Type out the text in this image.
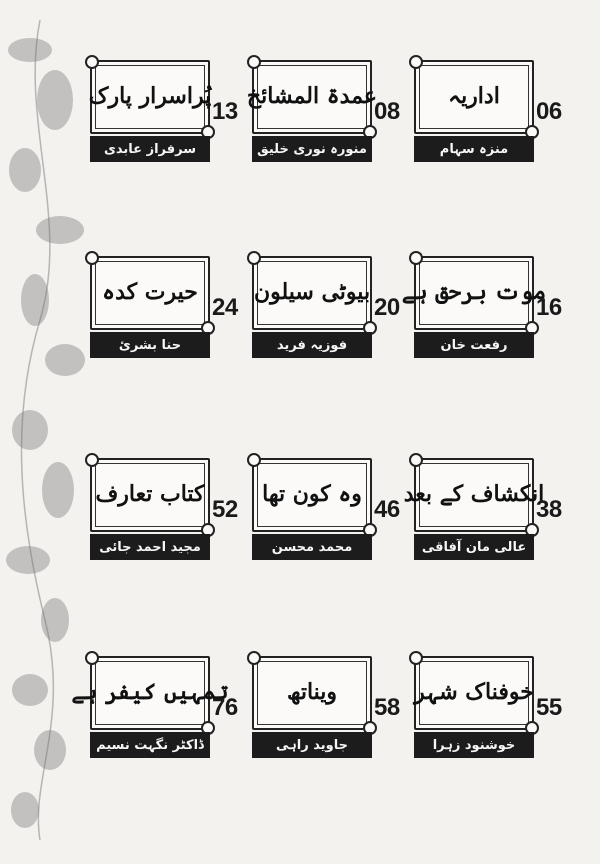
اداریہ
06
منزہ سہام
عمدۃ المشائخ
08
منورہ نوری خلیق
پُراسرار پارک
13
سرفراز عابدی
موت برحق ہے
16
رفعت خان
بیوٹی سیلون
20
فوزیہ فرید
حیرت کدہ
24
حنا بشرئ
انکشاف کے بعد
38
عالی مان آفاقی
وہ کون تھا
46
محمد محسن
کتاب تعارف
52
مجید احمد جائی
خوفناک شہر
55
خوشنود زہرا
ویناتھ
58
جاوید راہی
تمہیں کیفر ہے
76
ڈاکٹر نگہت نسیم
